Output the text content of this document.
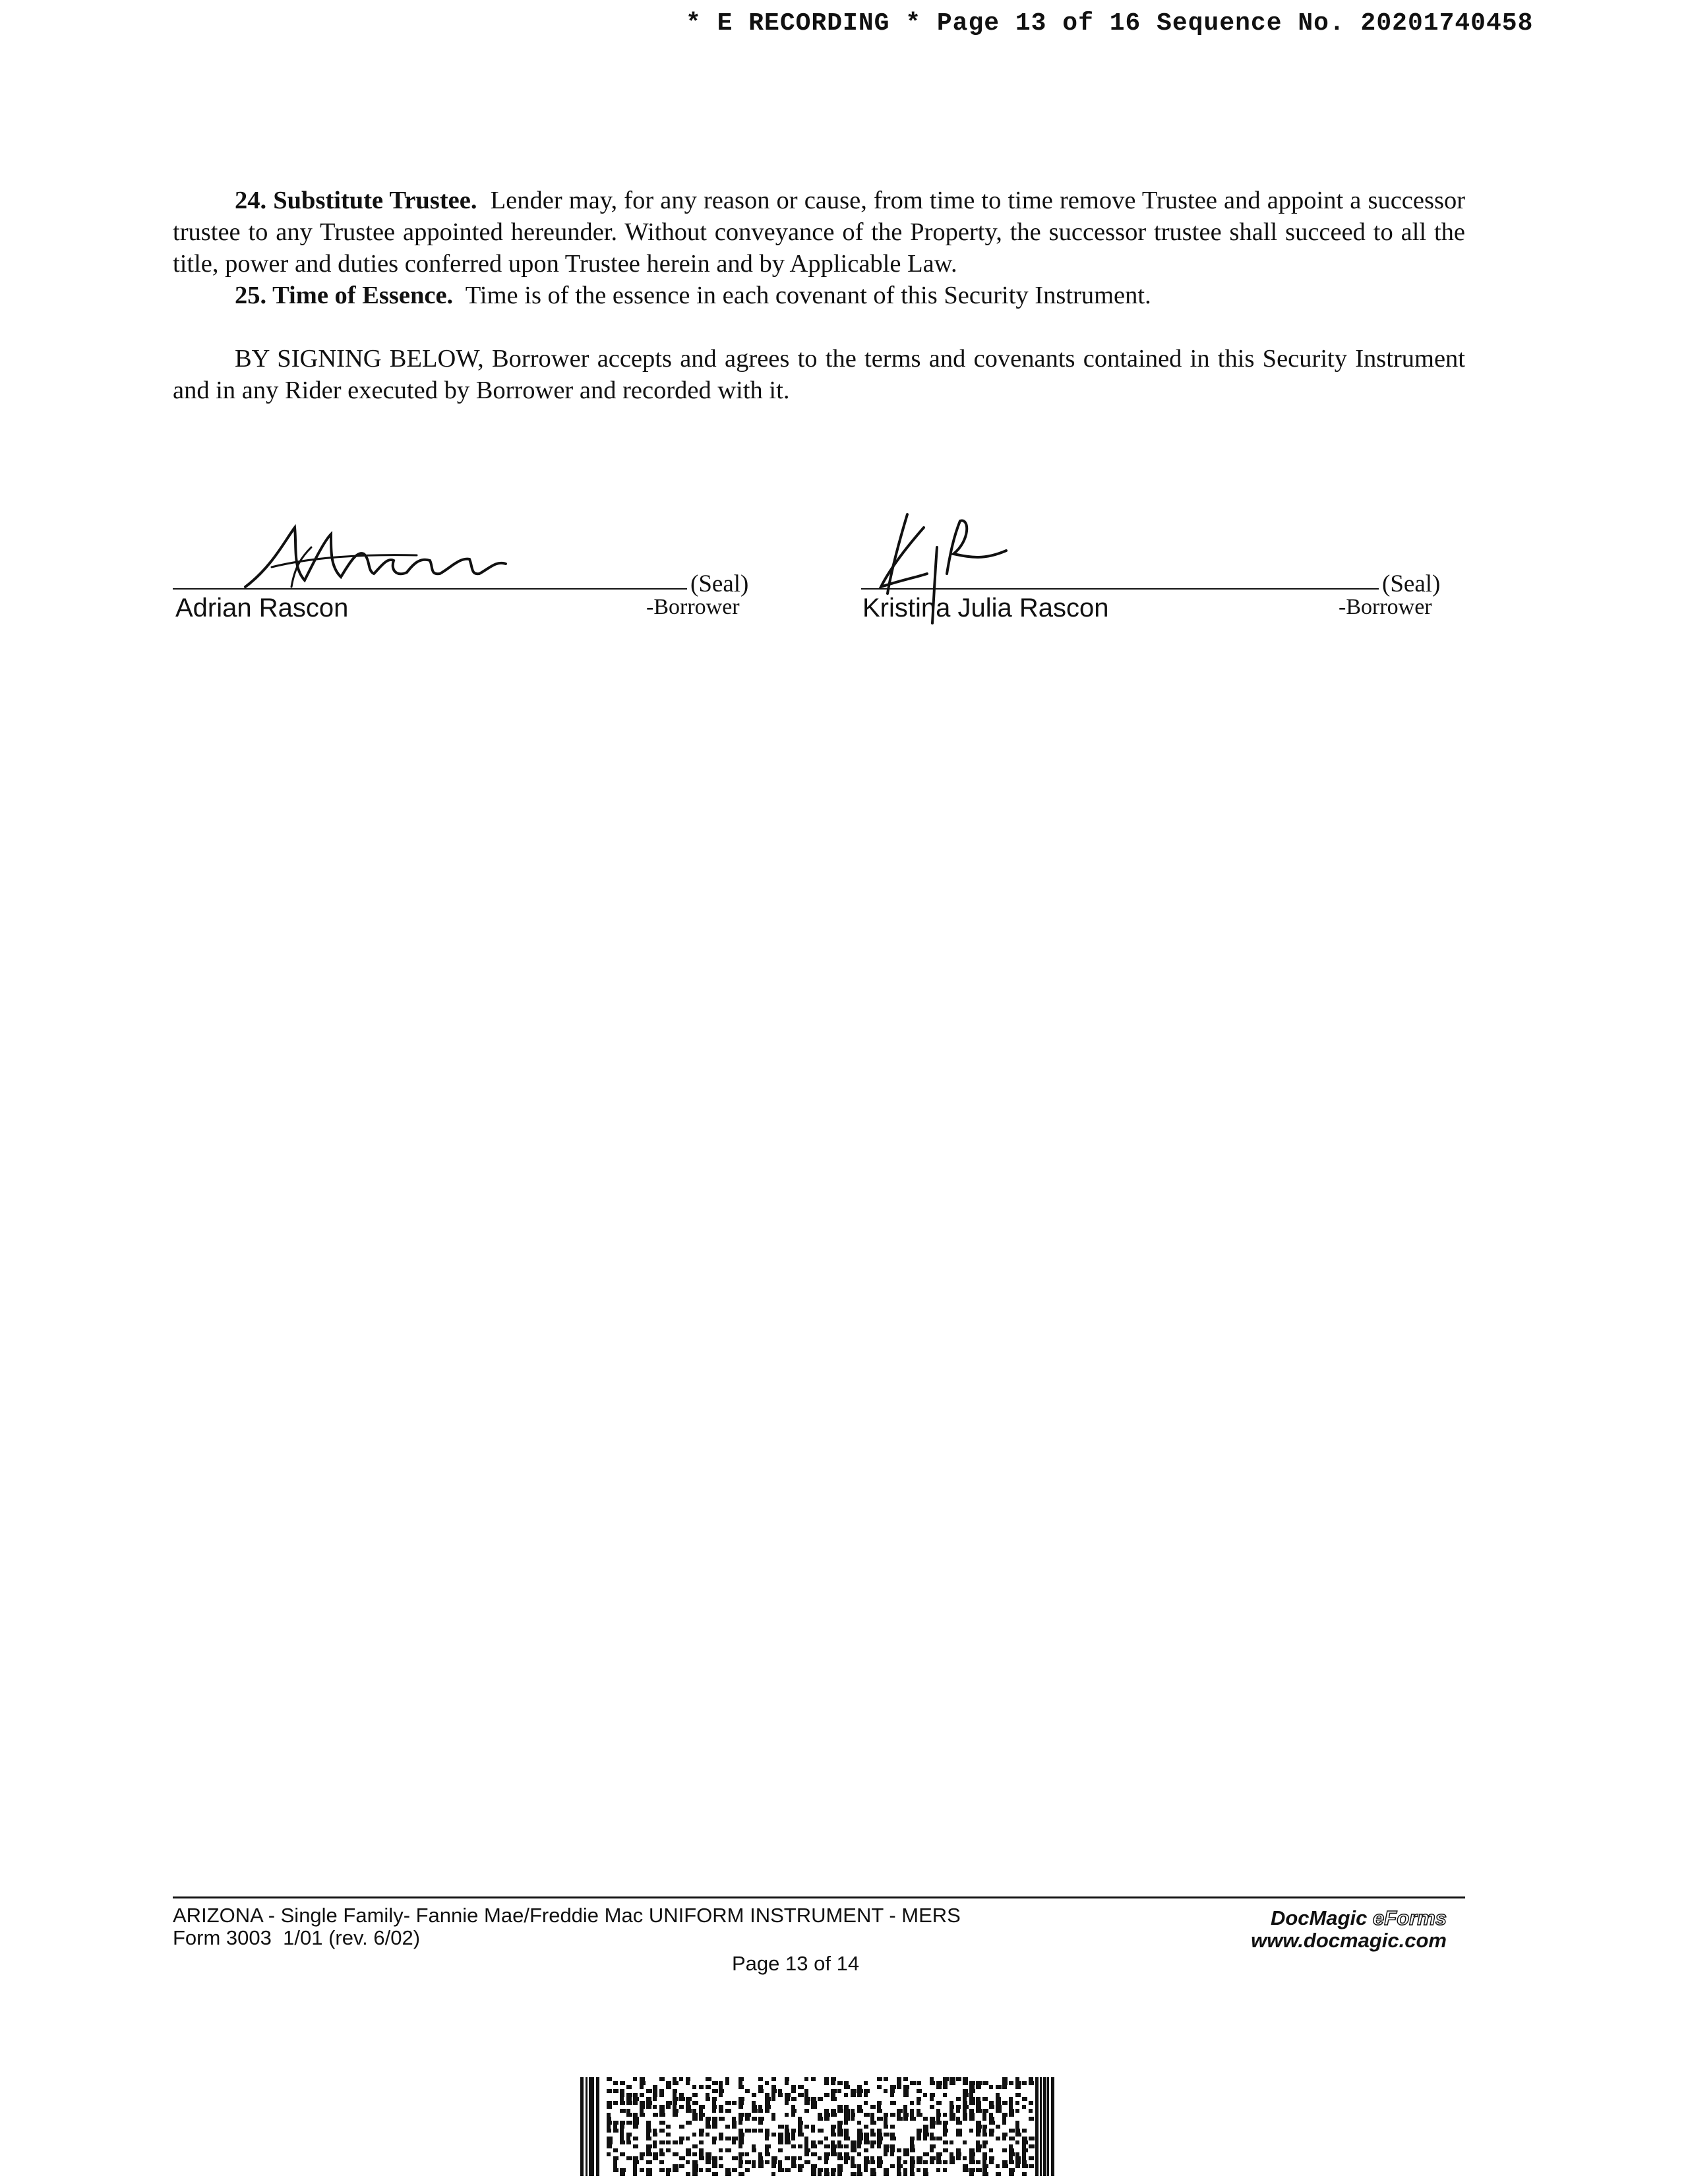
* E RECORDING * Page 13 of 16 Sequence No. 20201740458

24. Substitute Trustee. Lender may, for any reason or cause, from time to time remove Trustee and appoint a successor trustee to any Trustee appointed hereunder. Without conveyance of the Property, the successor trustee shall succeed to all the title, power and duties conferred upon Trustee herein and by Applicable Law.

25. Time of Essence. Time is of the essence in each covenant of this Security Instrument.

BY SIGNING BELOW, Borrower accepts and agrees to the terms and covenants contained in this Security Instrument and in any Rider executed by Borrower and recorded with it.

(Seal)
Adrian Rascon	-Borrower
(Seal)
Kristina Julia Rascon	-Borrower
ARIZONA - Single Family- Fannie Mae/Freddie Mac UNIFORM INSTRUMENT - MERS
Form 3003  1/01 (rev. 6/02)
DocMagic eForms
www.docmagic.com
Page 13 of 14
